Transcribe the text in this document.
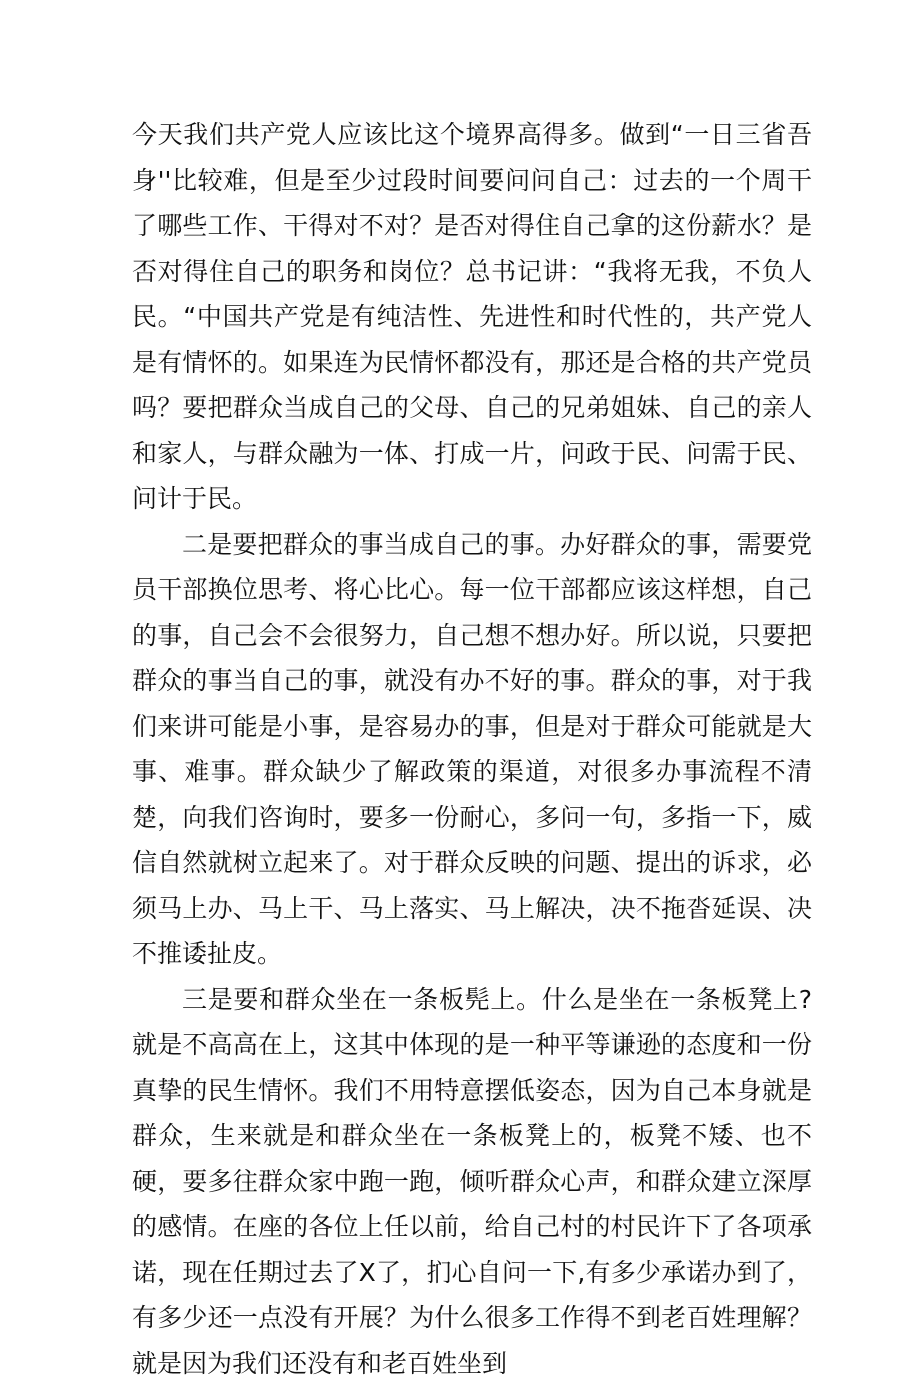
今天我们共产党人应该比这个境界高得多。做到“一日三省吾身''比较难，但是至少过段时间要问问自己：过去的一个周干了哪些工作、干得对不对？是否对得住自己拿的这份薪水？是否对得住自己的职务和岗位？总书记讲：“我将无我，不负人民。“中国共产党是有纯洁性、先进性和时代性的，共产党人是有情怀的。如果连为民情怀都没有，那还是合格的共产党员吗？要把群众当成自己的父母、自己的兄弟姐妹、自己的亲人和家人，与群众融为一体、打成一片，问政于民、问需于民、问计于民。

二是要把群众的事当成自己的事。办好群众的事，需要党员干部换位思考、将心比心。每一位干部都应该这样想，自己的事，自己会不会很努力，自己想不想办好。所以说，只要把群众的事当自己的事，就没有办不好的事。群众的事，对于我们来讲可能是小事，是容易办的事，但是对于群众可能就是大事、难事。群众缺少了解政策的渠道，对很多办事流程不清楚，向我们咨询时，要多一份耐心，多问一句，多指一下，威信自然就树立起来了。对于群众反映的问题、提出的诉求，必须马上办、马上干、马上落实、马上解决，决不拖沓延误、决不推诿扯皮。

三是要和群众坐在一条板髡上。什么是坐在一条板凳上?就是不高高在上，这其中体现的是一种平等谦逊的态度和一份真挚的民生情怀。我们不用特意摆低姿态，因为自己本身就是群众，生来就是和群众坐在一条板凳上的，板凳不矮、也不硬，要多往群众家中跑一跑，倾听群众心声，和群众建立深厚的感情。在座的各位上任以前，给自己村的村民许下了各项承诺，现在任期过去了X了，扪心自问一下,有多少承诺办到了，有多少还一点没有开展？为什么很多工作得不到老百姓理解？就是因为我们还没有和老百姓坐到
